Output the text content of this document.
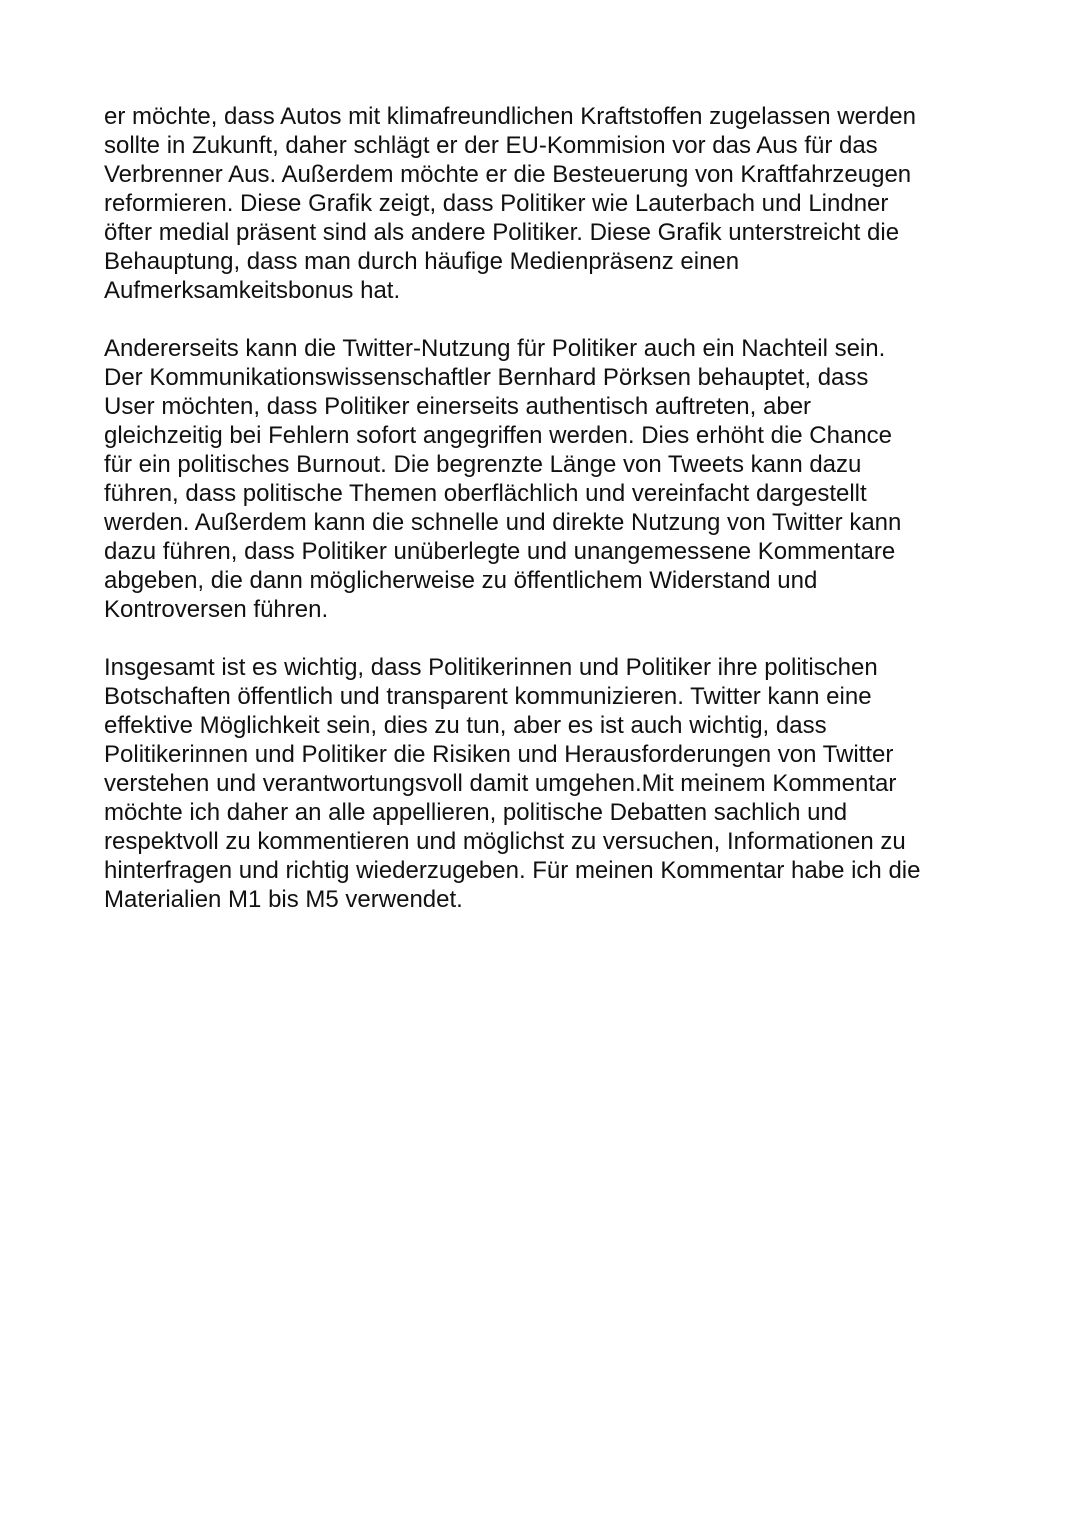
er möchte, dass Autos mit klimafreundlichen Kraftstoffen zugelassen werden
sollte in Zukunft, daher schlägt er der EU-Kommision vor das Aus für das
Verbrenner Aus. Außerdem möchte er die Besteuerung von Kraftfahrzeugen
reformieren. Diese Grafik zeigt, dass Politiker wie Lauterbach und Lindner
öfter medial präsent sind als andere Politiker. Diese Grafik unterstreicht die
Behauptung, dass man durch häufige Medienpräsenz einen
Aufmerksamkeitsbonus hat.

Andererseits kann die Twitter-Nutzung für Politiker auch ein Nachteil sein.
Der Kommunikationswissenschaftler Bernhard Pörksen behauptet, dass
User möchten, dass Politiker einerseits authentisch auftreten, aber
gleichzeitig bei Fehlern sofort angegriffen werden. Dies erhöht die Chance
für ein politisches Burnout. Die begrenzte Länge von Tweets kann dazu
führen, dass politische Themen oberflächlich und vereinfacht dargestellt
werden. Außerdem kann die schnelle und direkte Nutzung von Twitter kann
dazu führen, dass Politiker unüberlegte und unangemessene Kommentare
abgeben, die dann möglicherweise zu öffentlichem Widerstand und
Kontroversen führen.

Insgesamt ist es wichtig, dass Politikerinnen und Politiker ihre politischen
Botschaften öffentlich und transparent kommunizieren. Twitter kann eine
effektive Möglichkeit sein, dies zu tun, aber es ist auch wichtig, dass
Politikerinnen und Politiker die Risiken und Herausforderungen von Twitter
verstehen und verantwortungsvoll damit umgehen.Mit meinem Kommentar
möchte ich daher an alle appellieren, politische Debatten sachlich und
respektvoll zu kommentieren und möglichst zu versuchen, Informationen zu
hinterfragen und richtig wiederzugeben. Für meinen Kommentar habe ich die
Materialien M1 bis M5 verwendet.
